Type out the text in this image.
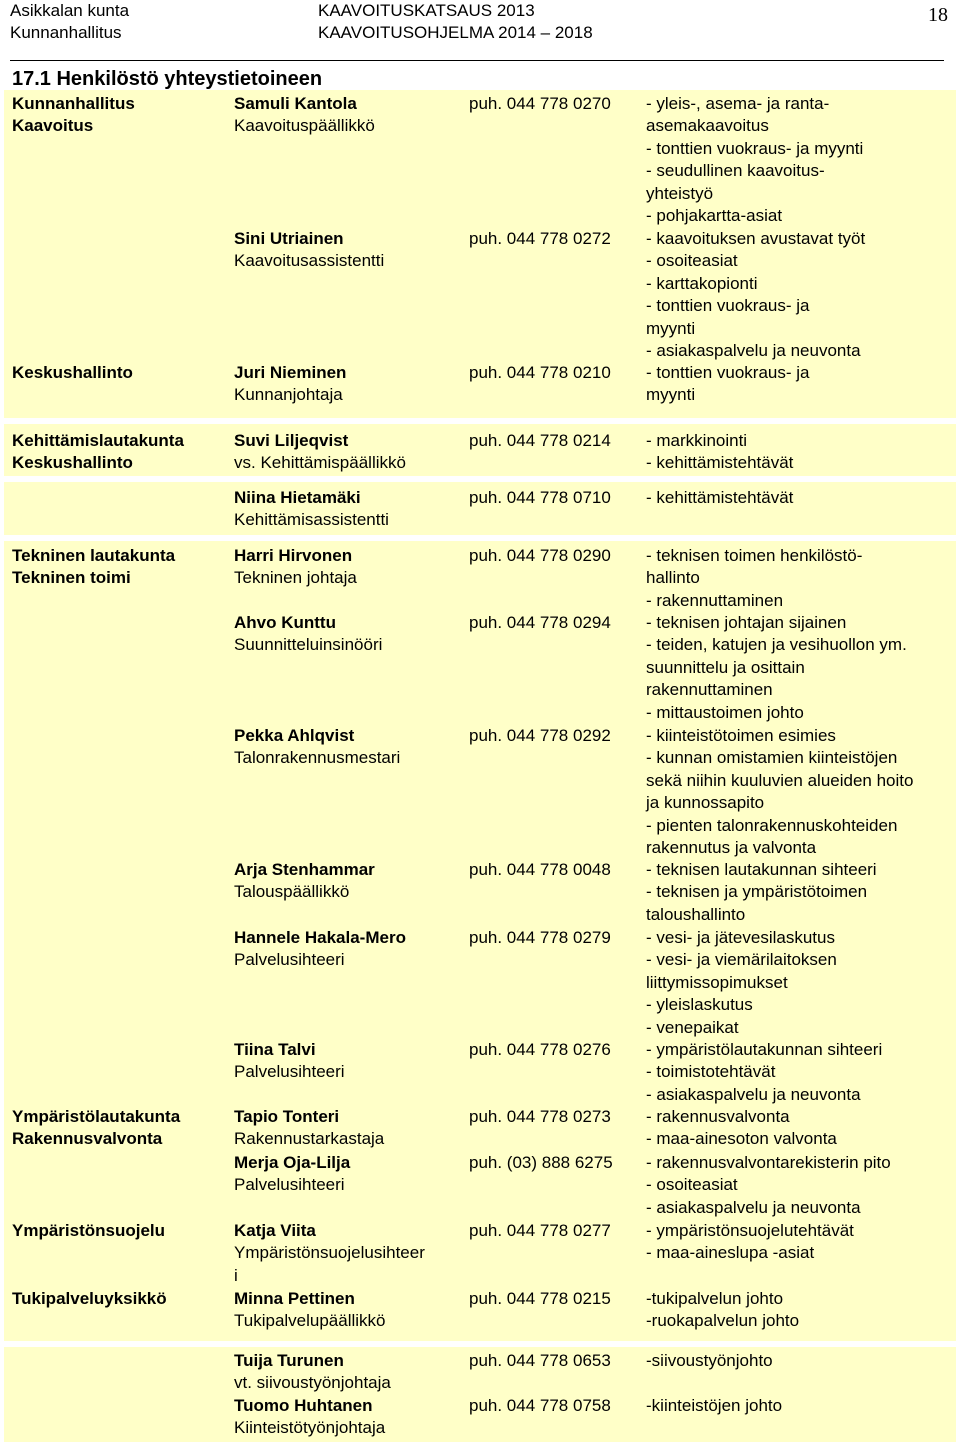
Asikkalan kunta
Kunnanhallitus
KAAVOITUSKATSAUS 2013
KAAVOITUSOHJELMA 2014 – 2018
18
17.1 Henkilöstö yhteystietoineen
Kunnanhallitus
Kaavoitus
Keskushallinto
Kehittämislautakunta
Keskushallinto
Tekninen lautakunta
Tekninen toimi
Ympäristölautakunta
Rakennusvalvonta
Ympäristönsuojelu
Tukipalveluyksikkö
Samuli Kantola
Kaavoituspäällikkö
puh. 044 778 0270 - yleis-, asema- ja ranta-
asemakaavoitus
- tonttien vuokraus- ja myynti
- seudullinen kaavoitus-
yhteistyö
- pohjakartta-asiat
Sini Utriainen
Kaavoitusassistentti
puh. 044 778 0272 - kaavoituksen avustavat työt
- osoiteasiat
- karttakopionti
- tonttien vuokraus- ja
myynti
- asiakaspalvelu ja neuvonta
Juri Nieminen
Kunnanjohtaja
puh. 044 778 0210 - tonttien vuokraus- ja
myynti
Suvi Liljeqvist
vs. Kehittämispäällikkö
puh. 044 778 0214 - markkinointi
- kehittämistehtävät
Niina Hietamäki
Kehittämisassistentti
puh. 044 778 0710 - kehittämistehtävät
Harri Hirvonen
Tekninen johtaja
puh. 044 778 0290 - teknisen toimen henkilöstö-
hallinto
- rakennuttaminen
Ahvo Kunttu
Suunnitteluinsinööri
puh. 044 778 0294 - teknisen johtajan sijainen
- teiden, katujen ja vesihuollon ym.
suunnittelu ja osittain
rakennuttaminen
- mittaustoimen johto
Pekka Ahlqvist
Talonrakennusmestari
puh. 044 778 0292 - kiinteistötoimen esimies
- kunnan omistamien kiinteistöjen
sekä niihin kuuluvien alueiden hoito
ja kunnossapito
- pienten talonrakennuskohteiden
rakennutus ja valvonta
Arja Stenhammar
Talouspäällikkö
puh. 044 778 0048 - teknisen lautakunnan sihteeri
- teknisen ja ympäristötoimen
taloushallinto
Hannele Hakala-Mero
Palvelusihteeri
puh. 044 778 0279 - vesi- ja jätevesilaskutus
- vesi- ja viemärilaitoksen
liittymissopimukset
- yleislaskutus
- venepaikat
Tiina Talvi
Palvelusihteeri
puh. 044 778 0276 - ympäristölautakunnan sihteeri
- toimistotehtävät
- asiakaspalvelu ja neuvonta
Tapio Tonteri
Rakennustarkastaja
puh. 044 778 0273 - rakennusvalvonta
- maa-ainesoton valvonta
Merja Oja-Lilja
Palvelusihteeri
puh. (03) 888 6275 - rakennusvalvontarekisterin pito
- osoiteasiat
- asiakaspalvelu ja neuvonta
Katja Viita
Ympäristönsuojelusihteer
i
puh. 044 778 0277 - ympäristönsuojelutehtävät
- maa-aineslupa -asiat
Minna Pettinen
Tukipalvelupäällikkö
puh. 044 778 0215 -tukipalvelun johto
-ruokapalvelun johto
Tuija Turunen
vt. siivoustyönjohtaja
puh. 044 778 0653 -siivoustyönjohto
Tuomo Huhtanen
Kiinteistötyönjohtaja
puh. 044 778 0758 -kiinteistöjen johto
